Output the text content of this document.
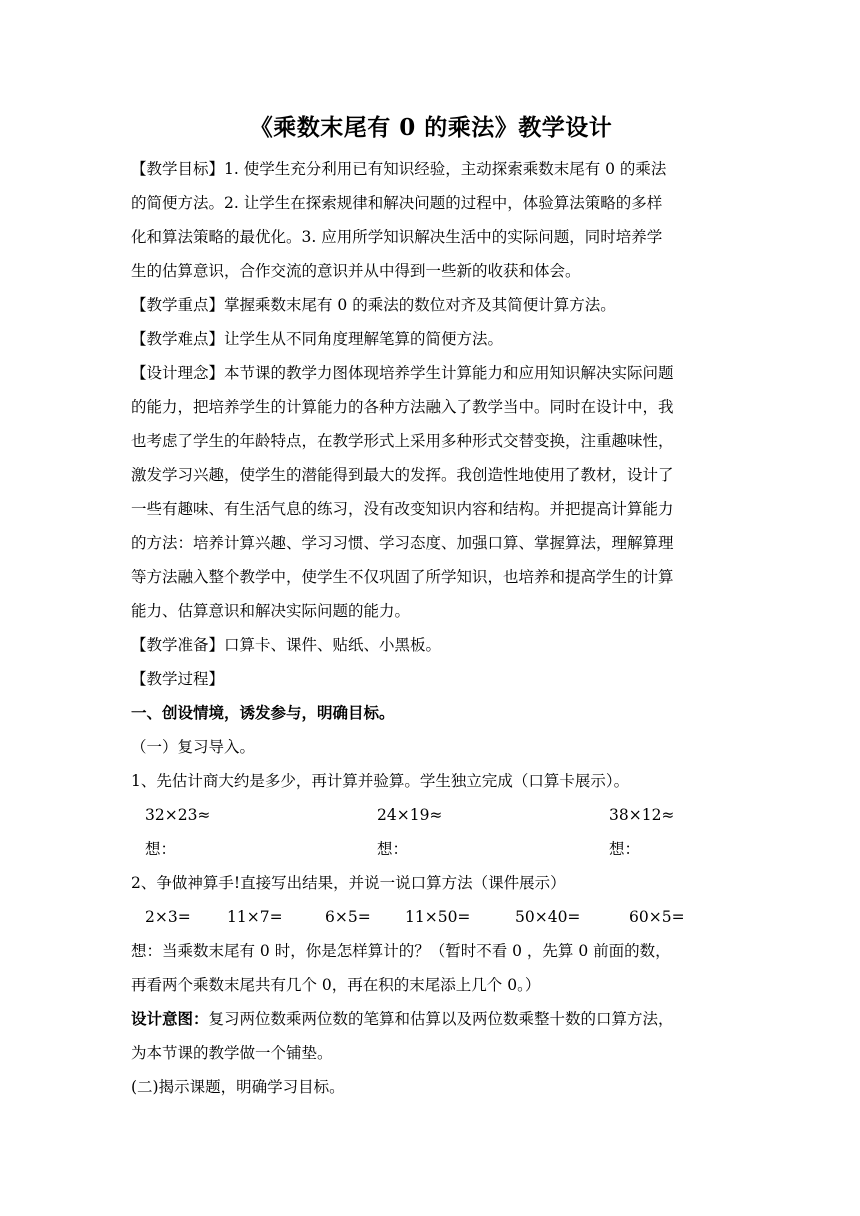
《乘数末尾有 0 的乘法》教学设计

【教学目标】1. 使学生充分利用已有知识经验，主动探索乘数末尾有 0 的乘法

的简便方法。2. 让学生在探索规律和解决问题的过程中，体验算法策略的多样

化和算法策略的最优化。3. 应用所学知识解决生活中的实际问题，同时培养学

生的估算意识，合作交流的意识并从中得到一些新的收获和体会。

【教学重点】掌握乘数末尾有 0 的乘法的数位对齐及其简便计算方法。

【教学难点】让学生从不同角度理解笔算的简便方法。

【设计理念】本节课的教学力图体现培养学生计算能力和应用知识解决实际问题

的能力，把培养学生的计算能力的各种方法融入了教学当中。同时在设计中，我

也考虑了学生的年龄特点，在教学形式上采用多种形式交替变换，注重趣味性，

激发学习兴趣，使学生的潜能得到最大的发挥。我创造性地使用了教材，设计了

一些有趣味、有生活气息的练习，没有改变知识内容和结构。并把提高计算能力

的方法：培养计算兴趣、学习习惯、学习态度、加强口算、掌握算法，理解算理

等方法融入整个教学中，使学生不仅巩固了所学知识，也培养和提高学生的计算

能力、估算意识和解决实际问题的能力。

【教学准备】口算卡、课件、贴纸、小黑板。

【教学过程】

一、创设情境，诱发参与，明确目标。

（一）复习导入。

1、先估计商大约是多少，再计算并验算。学生独立完成（口算卡展示）。

32×23≈	24×19≈	38×12≈
想：	想：	想：

2、争做神算手!直接写出结果，并说一说口算方法（课件展示）

2×3=	11×7=	6×5=	11×50=	50×40=	60×5=

想：当乘数末尾有 0 时，你是怎样算计的？（暂时不看 0 ，先算 0 前面的数，

再看两个乘数末尾共有几个 0，再在积的末尾添上几个 0。）

设计意图：复习两位数乘两位数的笔算和估算以及两位数乘整十数的口算方法，

为本节课的教学做一个铺垫。

(二)揭示课题，明确学习目标。
